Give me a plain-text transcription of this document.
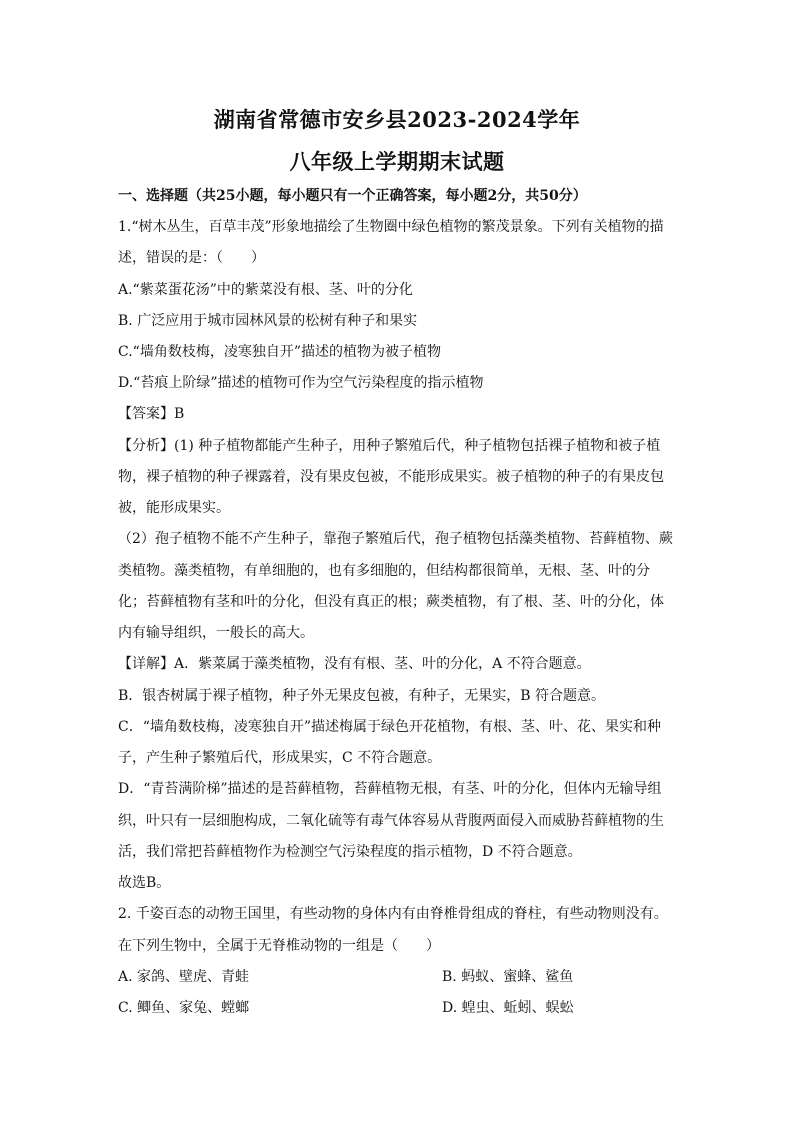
湖南省常德市安乡县2023-2024学年
八年级上学期期末试题
一、选择题（共25小题，每小题只有一个正确答案，每小题2分，共50分）
1.“树木丛生，百草丰茂”形象地描绘了生物圈中绿色植物的繁茂景象。下列有关植物的描
述，错误的是：（　　）
A.“紫菜蛋花汤”中的紫菜没有根、茎、叶的分化
B. 广泛应用于城市园林风景的松树有种子和果实
C.“墙角数枝梅，凌寒独自开”描述的植物为被子植物
D.“苔痕上阶绿”描述的植物可作为空气污染程度的指示植物
【答案】B
【分析】(1) 种子植物都能产生种子，用种子繁殖后代，种子植物包括裸子植物和被子植
物，裸子植物的种子裸露着，没有果皮包被，不能形成果实。被子植物的种子的有果皮包
被，能形成果实。
（2）孢子植物不能不产生种子，靠孢子繁殖后代，孢子植物包括藻类植物、苔藓植物、蕨
类植物。藻类植物，有单细胞的，也有多细胞的，但结构都很简单，无根、茎、叶的分
化；苔藓植物有茎和叶的分化，但没有真正的根；蕨类植物，有了根、茎、叶的分化，体
内有输导组织，一般长的高大。
【详解】A．紫菜属于藻类植物，没有有根、茎、叶的分化，A 不符合题意。
B．银杏树属于裸子植物，种子外无果皮包被，有种子，无果实，B 符合题意。
C．“墙角数枝梅，凌寒独自开”描述梅属于绿色开花植物，有根、茎、叶、花、果实和种
子，产生种子繁殖后代，形成果实，C 不符合题意。
D．“青苔满阶梯”描述的是苔藓植物，苔藓植物无根，有茎、叶的分化，但体内无输导组
织，叶只有一层细胞构成，二氧化硫等有毒气体容易从背腹两面侵入而威胁苔藓植物的生
活，我们常把苔藓植物作为检测空气污染程度的指示植物，D 不符合题意。
故选B。
2. 千姿百态的动物王国里，有些动物的身体内有由脊椎骨组成的脊柱，有些动物则没有。
在下列生物中，全属于无脊椎动物的一组是（　　）
A. 家鸽、壁虎、青蛙	B. 蚂蚁、蜜蜂、鲨鱼
C. 鲫鱼、家兔、螳螂	D. 蝗虫、蚯蚓、蜈蚣
